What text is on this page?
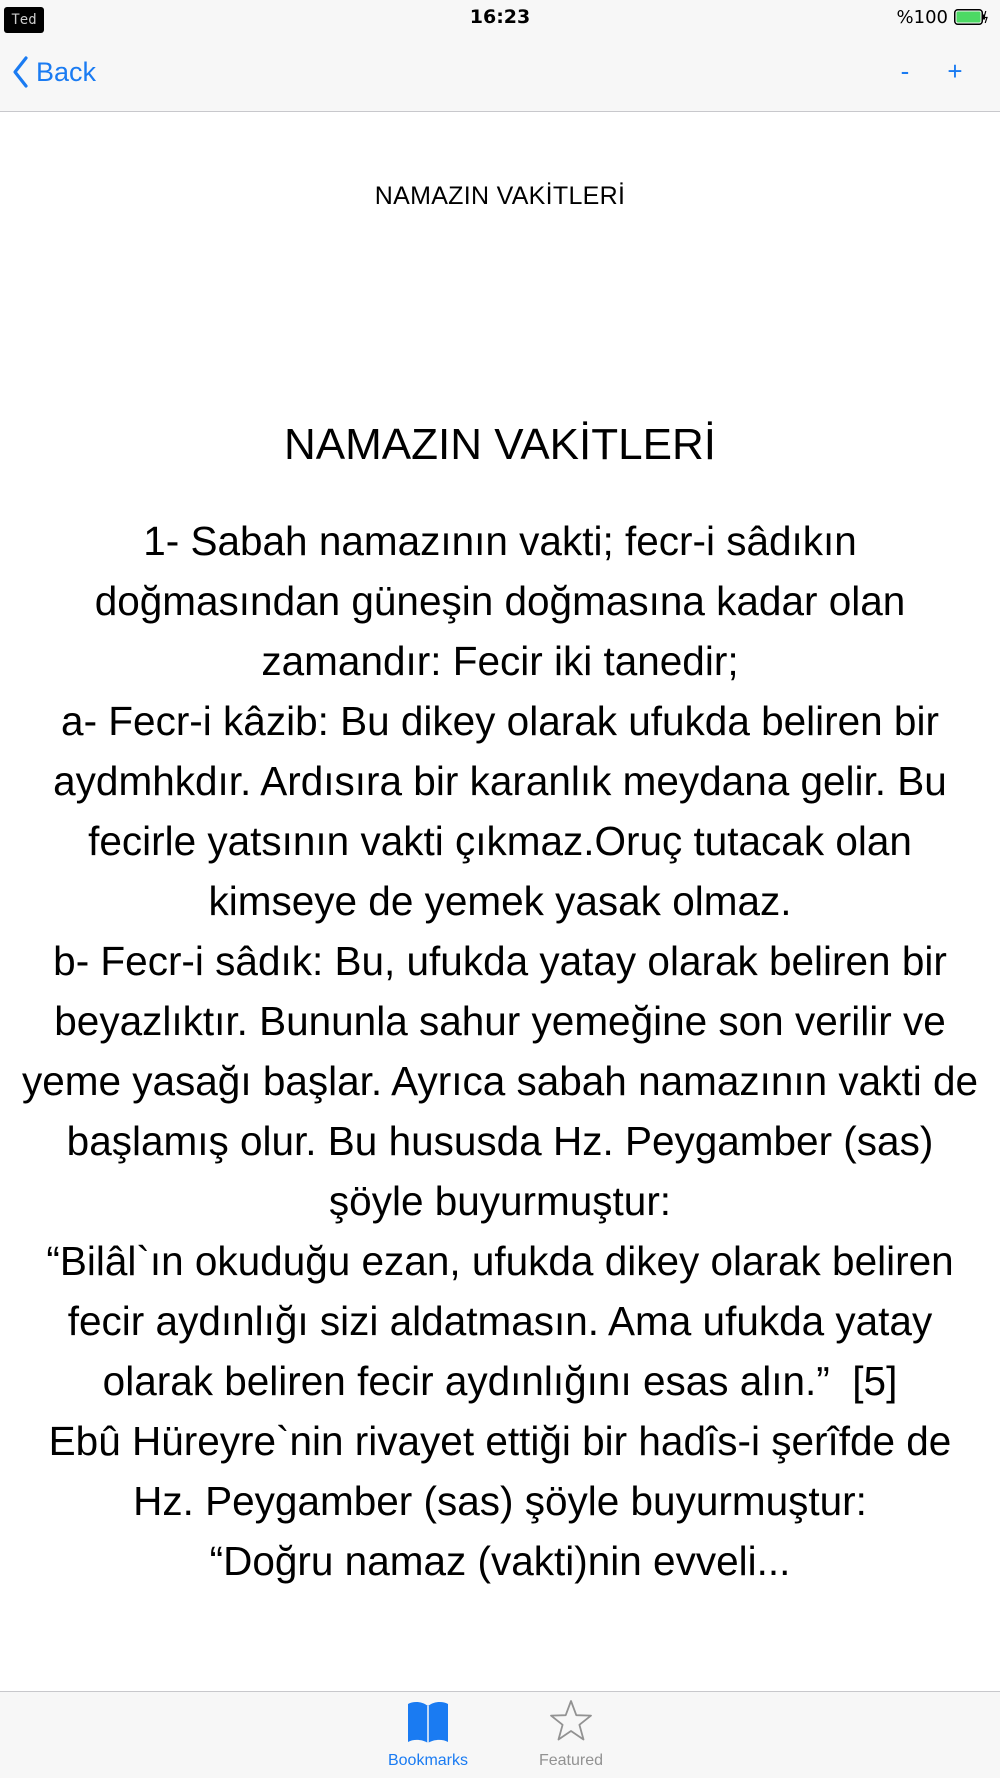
Ted	16:23	%100
Back	-	+
NAMAZIN VAKİTLERİ
NAMAZIN VAKİTLERİ

1- Sabah namazının vakti; fecr-i sâdıkın doğmasından güneşin doğmasına kadar olan zamandır: Fecir iki tanedir;
a- Fecr-i kâzib: Bu dikey olarak ufukda beliren bir aydmhkdır. Ardısıra bir karanlık meydana gelir. Bu fecirle yatsının vakti çıkmaz.Oruç tutacak olan kimseye de yemek yasak olmaz.
b- Fecr-i sâdık: Bu, ufukda yatay olarak beliren bir beyazlıktır. Bununla sahur yemeğine son verilir ve yeme yasağı başlar. Ayrıca sabah namazının vakti de başlamış olur. Bu hususda Hz. Peygamber (sas) şöyle buyurmuştur:
“Bilâl`ın okuduğu ezan, ufukda dikey olarak beliren fecir aydınlığı sizi aldatmasın. Ama ufukda yatay olarak beliren fecir aydınlığını esas alın.”  [5]
Ebû Hüreyre`nin rivayet ettiği bir hadîs-i şerîfde de Hz. Peygamber (sas) şöyle buyurmuştur:
“Doğru namaz (vakti)nin evveli...

Bookmarks	Featured
